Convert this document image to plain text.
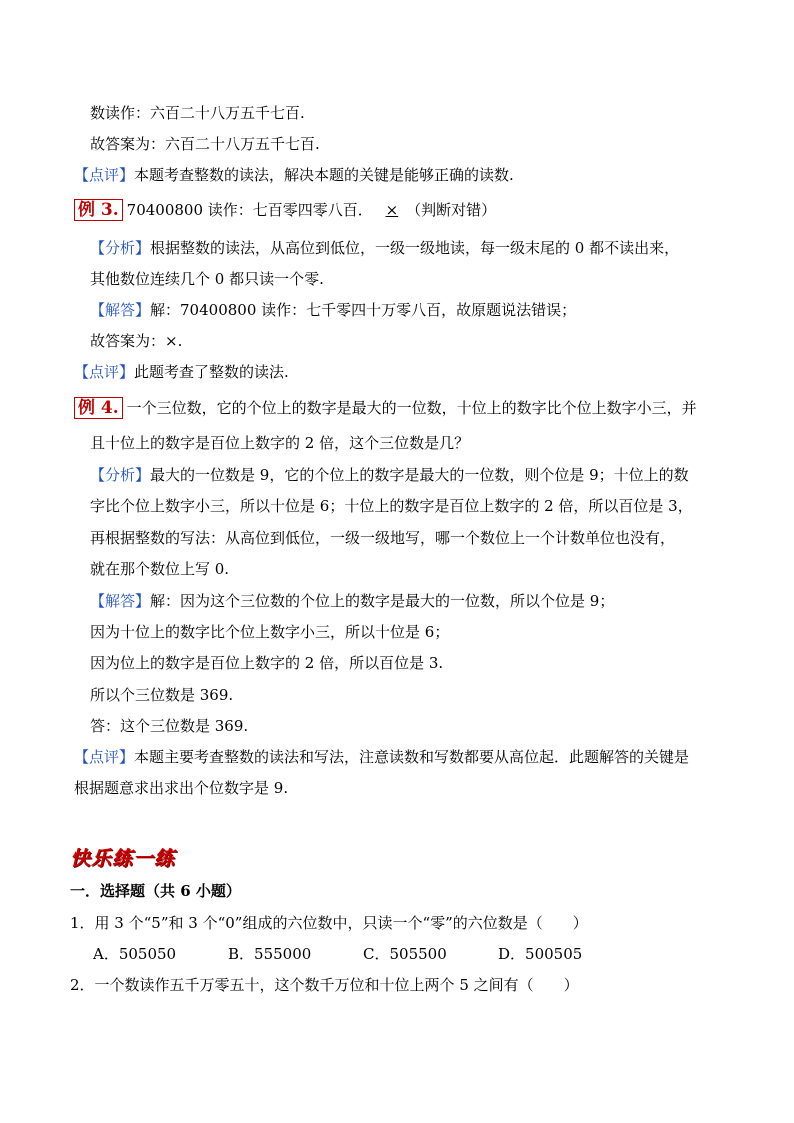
数读作：六百二十八万五千七百.
故答案为：六百二十八万五千七百.
【点评】本题考查整数的读法，解决本题的关键是能够正确的读数.
例 3. 70400800 读作：七百零四零八百． × （判断对错）
【分析】根据整数的读法，从高位到低位，一级一级地读，每一级末尾的 0 都不读出来，
其他数位连续几个 0 都只读一个零.
【解答】解：70400800 读作：七千零四十万零八百，故原题说法错误；
故答案为：×.
【点评】此题考查了整数的读法.
例 4. 一个三位数，它的个位上的数字是最大的一位数，十位上的数字比个位上数字小三，并
且十位上的数字是百位上数字的 2 倍，这个三位数是几？
【分析】最大的一位数是 9，它的个位上的数字是最大的一位数，则个位是 9；十位上的数
字比个位上数字小三，所以十位是 6；十位上的数字是百位上数字的 2 倍，所以百位是 3，
再根据整数的写法：从高位到低位，一级一级地写，哪一个数位上一个计数单位也没有，
就在那个数位上写 0.
【解答】解：因为这个三位数的个位上的数字是最大的一位数，所以个位是 9；
因为十位上的数字比个位上数字小三，所以十位是 6；
因为位上的数字是百位上数字的 2 倍，所以百位是 3.
所以个三位数是 369.
答：这个三位数是 369.
【点评】本题主要考查整数的读法和写法，注意读数和写数都要从高位起．此题解答的关键是
根据题意求出求出个位数字是 9.
快乐练一练
一．选择题（共 6 小题）
1．用 3 个“5”和 3 个“0”组成的六位数中，只读一个“零”的六位数是（　　）
A．505050	B．555000	C．505500	D．500505
2．一个数读作五千万零五十，这个数千万位和十位上两个 5 之间有（　　）
